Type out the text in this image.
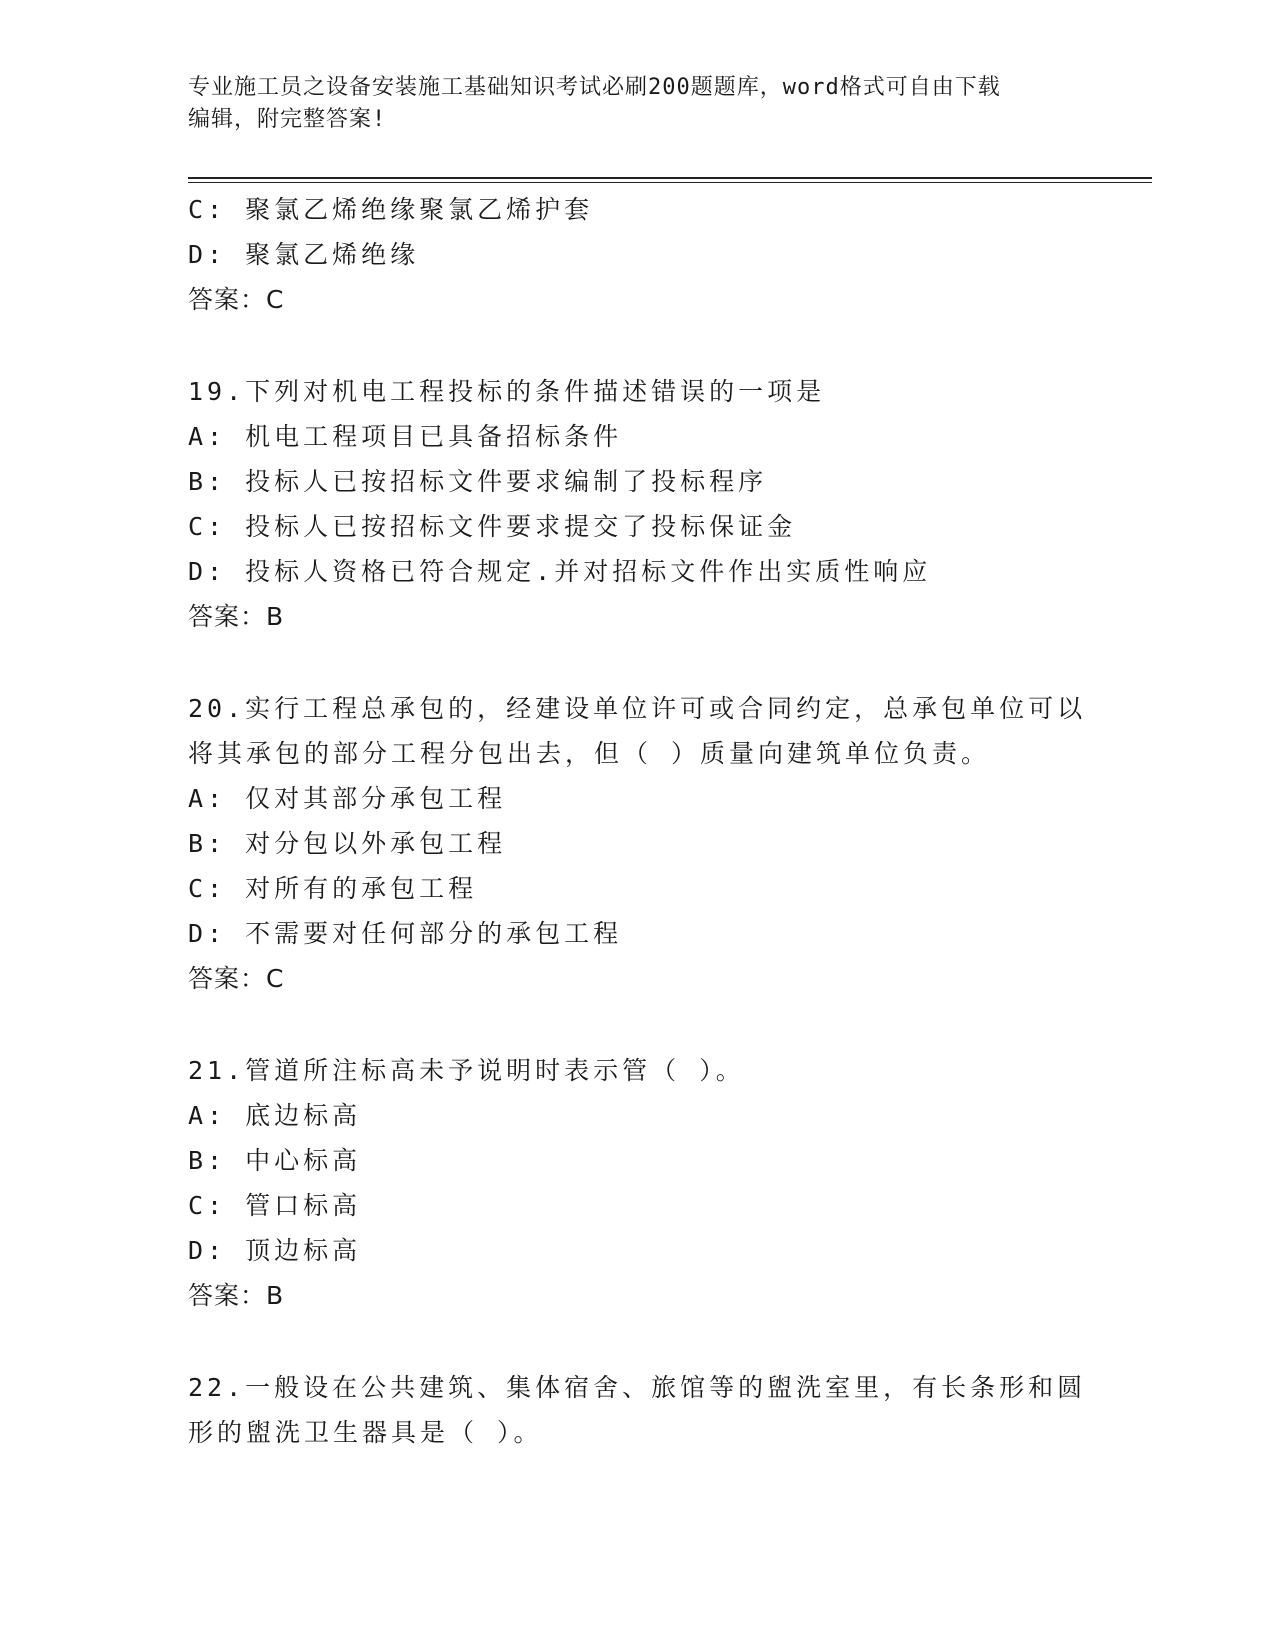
专业施工员之设备安装施工基础知识考试必刷200题题库，word格式可自由下载
编辑，附完整答案!
C: 聚氯乙烯绝缘聚氯乙烯护套
D: 聚氯乙烯绝缘
答案：C
19.下列对机电工程投标的条件描述错误的一项是
A: 机电工程项目已具备招标条件
B: 投标人已按招标文件要求编制了投标程序
C: 投标人已按招标文件要求提交了投标保证金
D: 投标人资格已符合规定.并对招标文件作出实质性响应
答案：B
20.实行工程总承包的，经建设单位许可或合同约定，总承包单位可以
将其承包的部分工程分包出去，但（ ）质量向建筑单位负责。
A: 仅对其部分承包工程
B: 对分包以外承包工程
C: 对所有的承包工程
D: 不需要对任何部分的承包工程
答案：C
21.管道所注标高未予说明时表示管（ ）。
A: 底边标高
B: 中心标高
C: 管口标高
D: 顶边标高
答案：B
22.一般设在公共建筑、集体宿舍、旅馆等的盥洗室里，有长条形和圆
形的盥洗卫生器具是（ ）。
